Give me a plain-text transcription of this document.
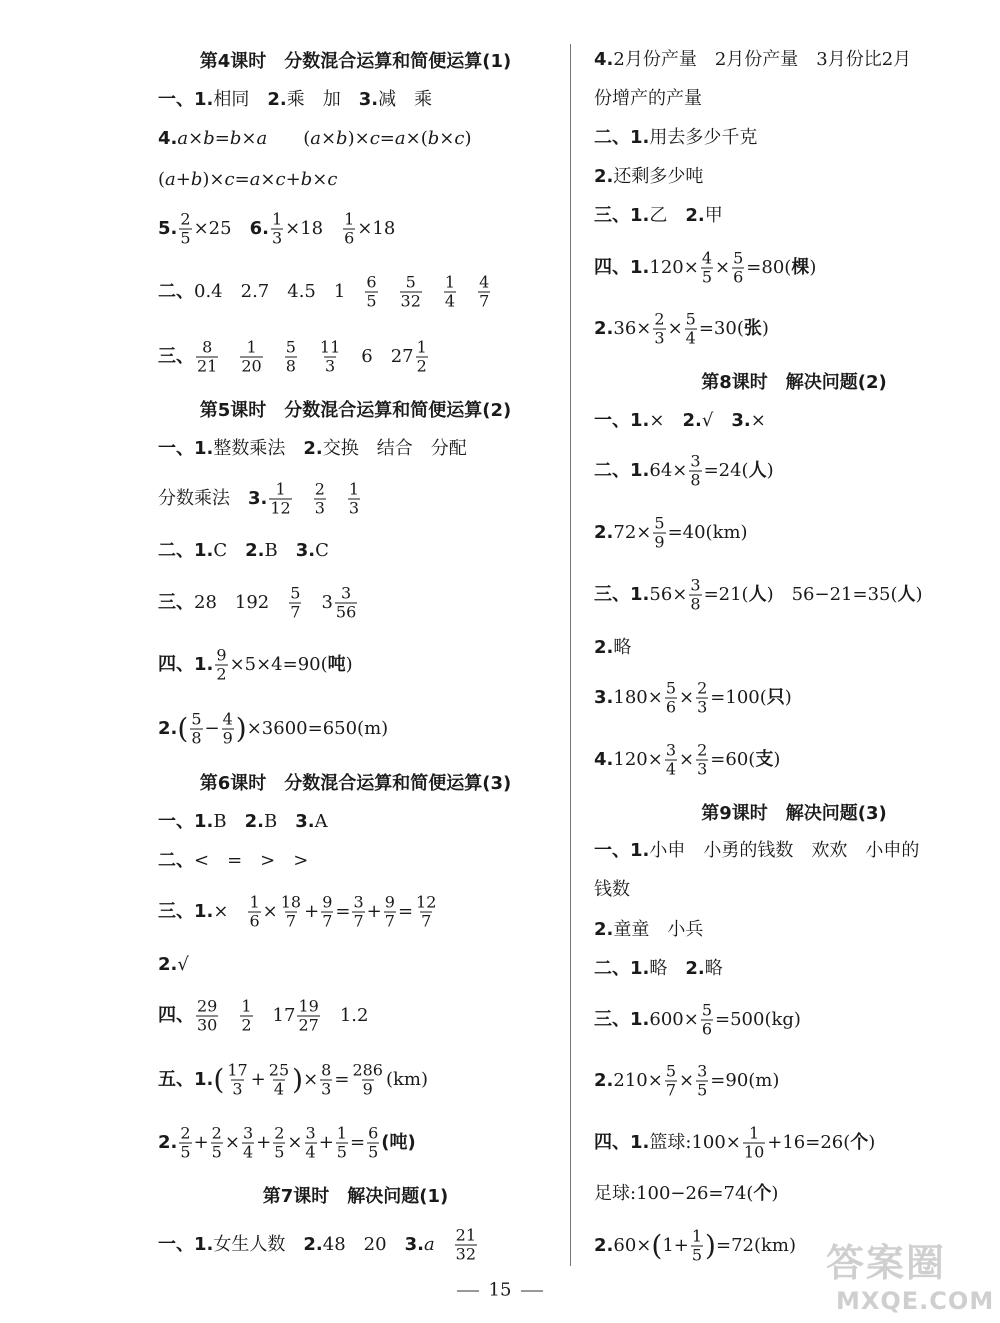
第4课时　分数混合运算和简便运算(1)
一、1.相同 2.乘　加 3.减　乘
4.a×b=b×a (a×b)×c=a×(b×c)
(a+b)×c=a×c+b×c
5. $\frac{2}{5} \times 25$ 6. $\frac{1}{3} \times 18 \frac{1}{6} \times 18$
二、0.4　2.7　4.5　$1 \frac{6}{5} \frac{5}{32} \frac{1}{4} \frac{4}{7}$
三、 $\frac{8}{21} \frac{1}{20} \frac{5}{8} \frac{11}{3} 6$　$27 \frac{1}{2}$
第5课时　分数混合运算和简便运算(2)
一、1.整数乘法 2.交换　结合　分配
分数乘法 3. $\frac{1}{12} \frac{2}{3} \frac{1}{3}$
二、1.C 2.B 3.C
三、28　$192 \frac{5}{7} 3 \frac{3}{56}$
四、1. $\frac{9}{2} \times 5\times 4=90$(吨)
$2.( \frac{5}{8} - \frac{4}{9} )\times 3600=650(m)$
第6课时　分数混合运算和简便运算(3)
一、1.B 2.B 3.A
二、<　=　>　>
三、$1.\times \frac{1}{6} \times \frac{18}{7} + \frac{9}{7} = \frac{3}{7} + \frac{9}{7} = \frac{12}{7}$
2.√
四、 $\frac{29}{30} \frac{1}{2} 17 \frac{19}{27} 1.2$
五、$1.( \frac{17}{3} + \frac{25}{4}$ )× $\frac{8}{3} = \frac{286}{9} (km)$
2. $\frac{2}{5} + \frac{2}{5} \times \frac{3}{4} + \frac{2}{5} \times \frac{3}{4} + \frac{1}{5} = \frac{6}{5}$ (吨)
第7课时　解决问题(1)
一、1.女生人数 2.48　20 $3.a \frac{21}{32}$
4.2月份产量　2月份产量　3月份比2月
份增产的产量
二、1.用去多少千克
2.还剩多少吨
三、1.乙 2.甲
四、$1.120\times \frac{4}{5} \times \frac{5}{6} =80$(棵)
$2.36\times \frac{2}{3} \times \frac{5}{4} =30$(张)
第8课时　解决问题(2)
一、1.× 2.√ 3.×
二、$1.64\times \frac{3}{8} =24$(人)
$2.72\times \frac{5}{9} =40(km)$
三、$1.56\times \frac{3}{8} =21$(人)　56−21=35(人)
2.略
$3.180\times \frac{5}{6} \times \frac{2}{3} =100$(只)
$4.120\times \frac{3}{4} \times \frac{2}{3} =60$(支)
第9课时　解决问题(3)
一、1.小申　小勇的钱数　欢欢　小申的
钱数
2.童童　小兵
二、1.略 2.略
三、$1.600\times \frac{5}{6} =500(kg)$
$2.210\times \frac{5}{7} \times \frac{3}{5} =90(m)$
四、1.篮球:100× $\frac{1}{10} +16=26$(个)
足球:100−26=74(个)
$2.60\times(1+ \frac{1}{5} )=72(km)$
15
答案圈
MXQE.COM
